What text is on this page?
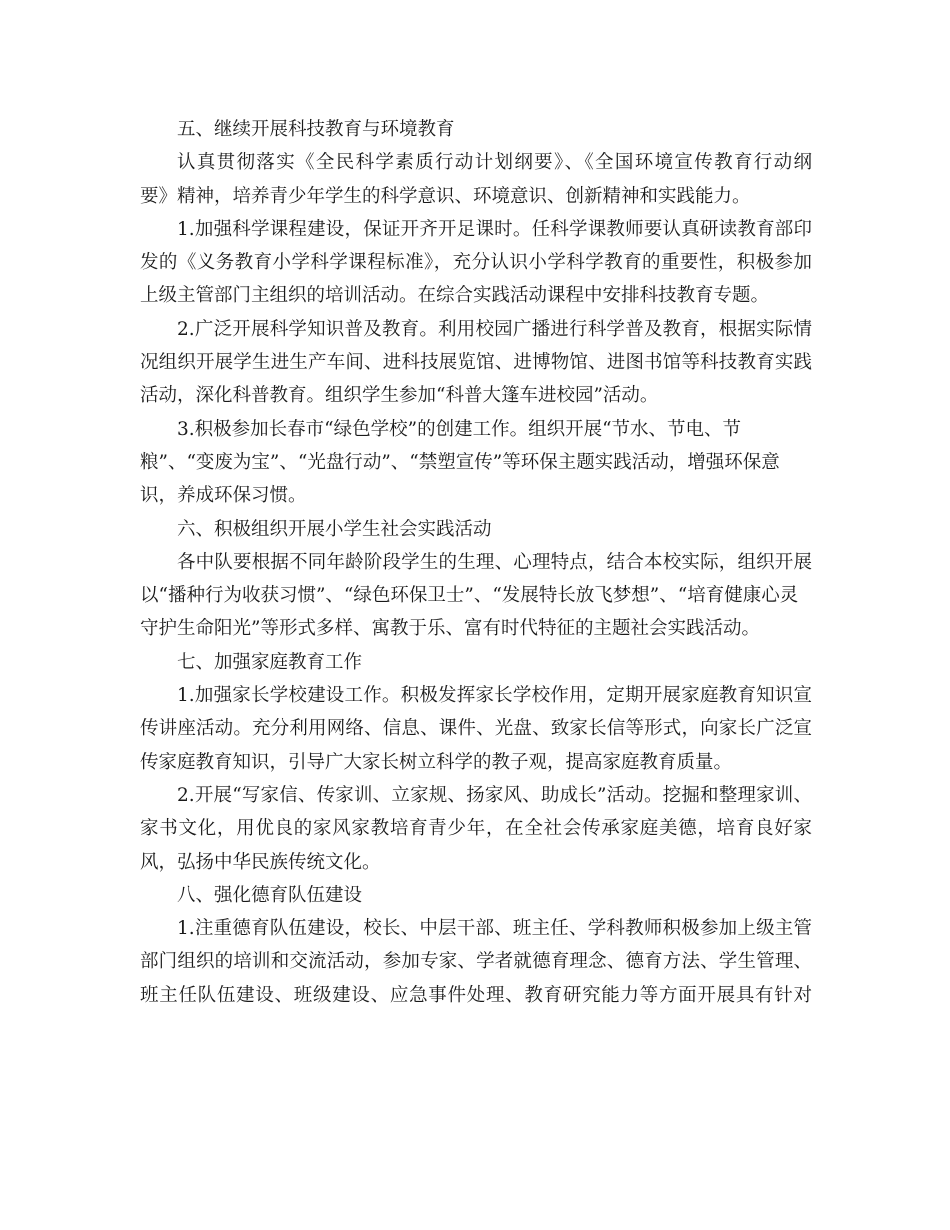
五、继续开展科技教育与环境教育
认真贯彻落实《全民科学素质行动计划纲要》、《全国环境宣传教育行动纲
要》精神，培养青少年学生的科学意识、环境意识、创新精神和实践能力。
1.加强科学课程建设，保证开齐开足课时。任科学课教师要认真研读教育部印
发的《义务教育小学科学课程标准》，充分认识小学科学教育的重要性，积极参加
上级主管部门主组织的培训活动。在综合实践活动课程中安排科技教育专题。
2.广泛开展科学知识普及教育。利用校园广播进行科学普及教育，根据实际情
况组织开展学生进生产车间、进科技展览馆、进博物馆、进图书馆等科技教育实践
活动，深化科普教育。组织学生参加“科普大篷车进校园”活动。
3.积极参加长春市“绿色学校”的创建工作。组织开展“节水、节电、节
粮”、“变废为宝”、“光盘行动”、“禁塑宣传”等环保主题实践活动，增强环保意
识，养成环保习惯。
六、积极组织开展小学生社会实践活动
各中队要根据不同年龄阶段学生的生理、心理特点，结合本校实际，组织开展
以“播种行为收获习惯”、“绿色环保卫士”、“发展特长放飞梦想”、“培育健康心灵
守护生命阳光”等形式多样、寓教于乐、富有时代特征的主题社会实践活动。
七、加强家庭教育工作
1.加强家长学校建设工作。积极发挥家长学校作用，定期开展家庭教育知识宣
传讲座活动。充分利用网络、信息、课件、光盘、致家长信等形式，向家长广泛宣
传家庭教育知识，引导广大家长树立科学的教子观，提高家庭教育质量。
2.开展“写家信、传家训、立家规、扬家风、助成长”活动。挖掘和整理家训、
家书文化，用优良的家风家教培育青少年，在全社会传承家庭美德，培育良好家
风，弘扬中华民族传统文化。
八、强化德育队伍建设
1.注重德育队伍建设，校长、中层干部、班主任、学科教师积极参加上级主管
部门组织的培训和交流活动，参加专家、学者就德育理念、德育方法、学生管理、
班主任队伍建设、班级建设、应急事件处理、教育研究能力等方面开展具有针对
